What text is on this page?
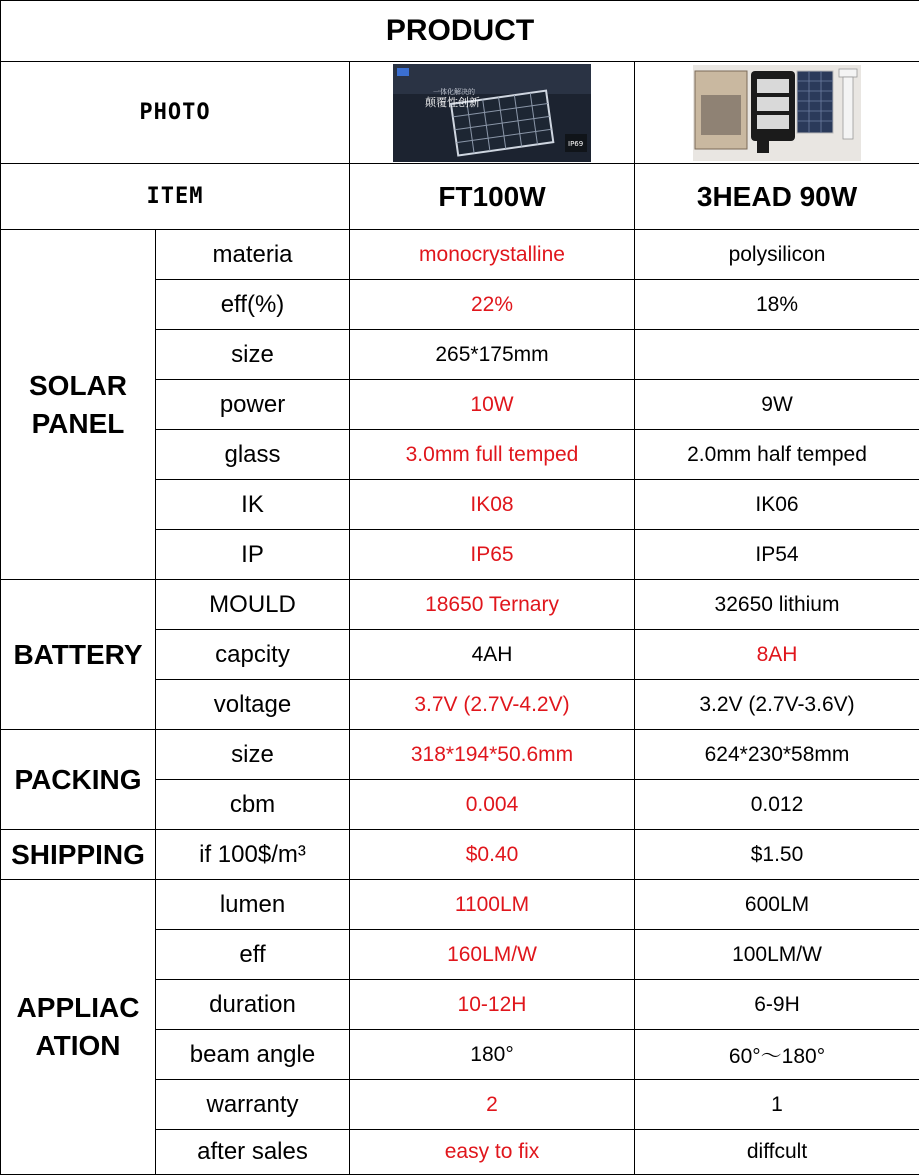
PRODUCT			
PHOTO		一体化解决的
颠覆性创新
IP69

ITEM		FT100W	3HEAD 90W
SOLAR PANEL	materia	monocrystalline	polysilicon
	eff(%)	22%	18%
	size	265*175mm	
	power	10W	9W
	glass	3.0mm full temped	2.0mm half temped
	IK	IK08	IK06
	IP	IP65	IP54
BATTERY	MOULD	18650 Ternary	32650 lithium
	capcity	4AH	8AH
	voltage	3.7V (2.7V-4.2V)	3.2V (2.7V-3.6V)
PACKING	size	318*194*50.6mm	624*230*58mm
	cbm	0.004	0.012
SHIPPING	if 100$/m³	$0.40	$1.50
APPLIAC ATION	lumen	1100LM	600LM
	eff	160LM/W	100LM/W
	duration	10-12H	6-9H
	beam angle	180°	60°～180°
	warranty	2	1
	after sales	easy to fix	diffcult
